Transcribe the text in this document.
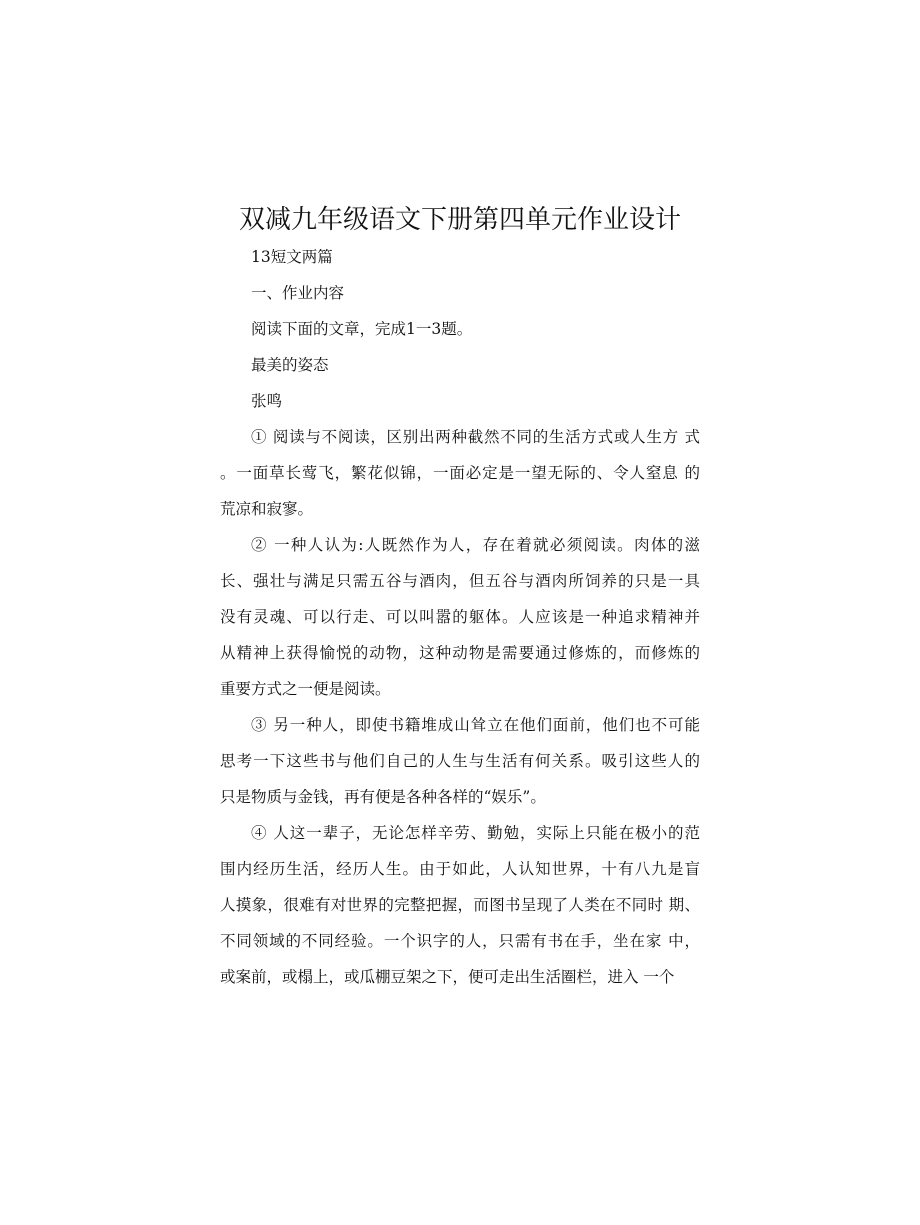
双减九年级语文下册第四单元作业设计
13短文两篇
一、作业内容
阅读下面的文章，完成1一3题。
最美的姿态
张鸣
① 阅读与不阅读，区别出两种截然不同的生活方式或人生方 式
。一面草长莺飞，繁花似锦，一面必定是一望无际的、令人窒息 的
荒凉和寂寥。
② 一种人认为:人既然作为人，存在着就必须阅读。肉体的滋
长、强壮与满足只需五谷与酒肉，但五谷与酒肉所饲养的只是一具
没有灵魂、可以行走、可以叫嚣的躯体。人应该是一种追求精神并
从精神上获得愉悦的动物，这种动物是需要通过修炼的，而修炼的
重要方式之一便是阅读。
③ 另一种人，即使书籍堆成山耸立在他们面前，他们也不可能
思考一下这些书与他们自己的人生与生活有何关系。吸引这些人的
只是物质与金钱，再有便是各种各样的“娱乐”。
④ 人这一辈子，无论怎样辛劳、勤勉，实际上只能在极小的范
围内经历生活，经历人生。由于如此，人认知世界，十有八九是盲
人摸象，很难有对世界的完整把握，而图书呈现了人类在不同时 期、
不同领域的不同经验。一个识字的人，只需有书在手，坐在家 中，
或案前，或榻上，或瓜棚豆架之下，便可走出生活圈栏，进入 一个
